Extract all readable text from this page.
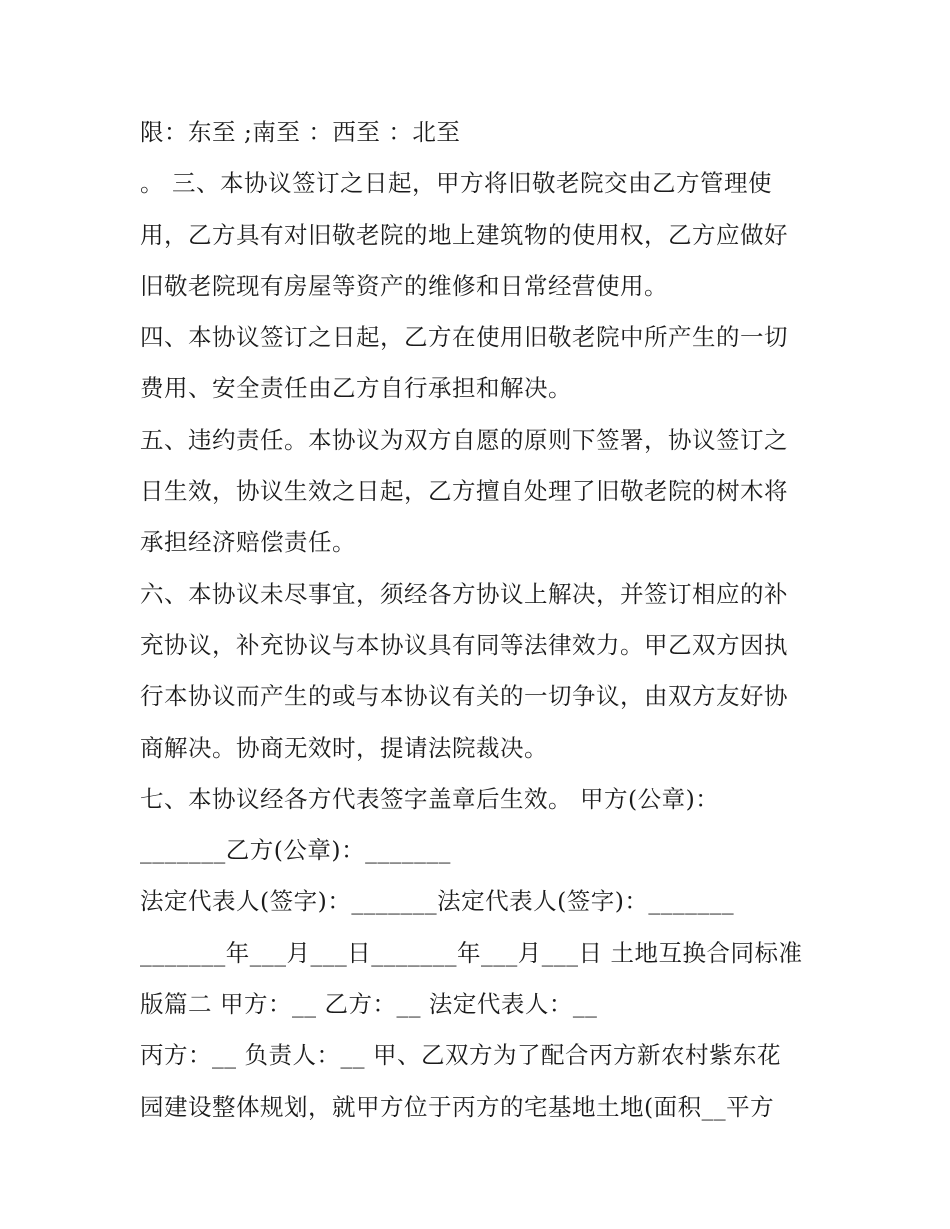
限：东至 ;南至 ：西至 ：北至

。 三、本协议签订之日起，甲方将旧敬老院交由乙方管理使

用，乙方具有对旧敬老院的地上建筑物的使用权，乙方应做好

旧敬老院现有房屋等资产的维修和日常经营使用。

四、本协议签订之日起，乙方在使用旧敬老院中所产生的一切

费用、安全责任由乙方自行承担和解决。

五、违约责任。本协议为双方自愿的原则下签署，协议签订之

日生效，协议生效之日起，乙方擅自处理了旧敬老院的树木将

承担经济赔偿责任。

六、本协议未尽事宜，须经各方协议上解决，并签订相应的补

充协议，补充协议与本协议具有同等法律效力。甲乙双方因执

行本协议而产生的或与本协议有关的一切争议，由双方友好协

商解决。协商无效时，提请法院裁决。

七、本协议经各方代表签字盖章后生效。 甲方(公章)：

_______乙方(公章)：_______

法定代表人(签字)：_______法定代表人(签字)：_______

_______年___月___日_______年___月___日 土地互换合同标准

版篇二 甲方：__ 乙方：__ 法定代表人：__

丙方：__ 负责人：__ 甲、乙双方为了配合丙方新农村紫东花

园建设整体规划，就甲方位于丙方的宅基地土地(面积__平方
